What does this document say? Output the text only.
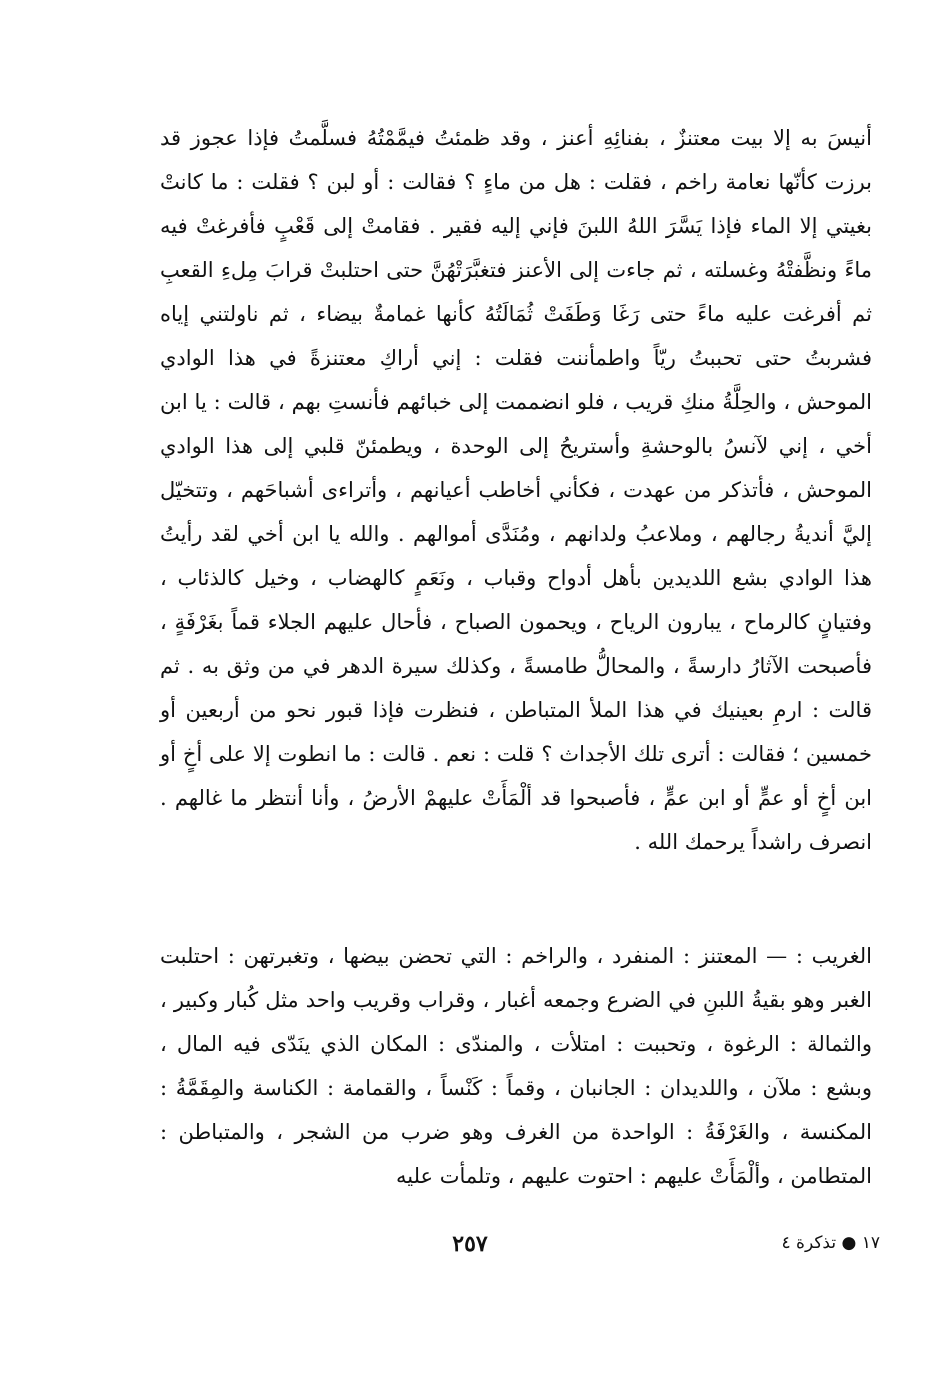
أنيسَ به إلا بيت معتنزٌ ، بفنائِهِ أعنز ، وقد ظمئتُ فيمَّمْتُهُ فسلَّمتُ فإذا عجوز قد برزت كأنّها نعامة راخم ، فقلت : هل من ماءٍ ؟ فقالت : أو لبن ؟ فقلت : ما كانتْ بغيتي إلا الماء فإذا يَسَّرَ اللهُ اللبنَ فإني إليه فقير . فقامتْ إلى قَعْبٍ فأفرغتْ فيه ماءً ونظَّفتْهُ وغسلته ، ثم جاءت إلى الأعنز فتغبَّرَتْهُنَّ حتى احتلبتْ قرابَ مِلءِ القعبِ ثم أفرغت عليه ماءً حتى رَغَا وَطَفَتْ ثُمَالَتُهُ كأنها غمامةٌ بيضاء ، ثم ناولتني إياه فشربتُ حتى تحببتُ ريّاً واطمأننت فقلت : إني أراكِ معتنزةً في هذا الوادي الموحش ، والحِلَّةُ منكِ قريب ، فلو انضممت إلى خبائهم فأنستِ بهم ، قالت : يا ابن أخي ، إني لآنسُ بالوحشةِ وأستريحُ إلى الوحدة ، ويطمئنّ قلبي إلى هذا الوادي الموحش ، فأتذكر من عهدت ، فكأني أخاطب أعيانهم ، وأتراءى أشباحَهم ، وتتخيّل إليَّ أنديةُ رجالهم ، وملاعبُ ولدانهم ، ومُنَدَّى أموالهم . والله يا ابن أخي لقد رأيتُ هذا الوادي بشع اللديدين بأهل أدواح وقباب ، ونَعَمٍ كالهضاب ، وخيل كالذئاب ، وفتيانٍ كالرماح ، يبارون الرياح ، ويحمون الصباح ، فأحال عليهم الجلاء قماً بغَرْفَةٍ ، فأصبحت الآثارُ دارسةً ، والمحالُّ طامسةً ، وكذلك سيرة الدهر في من وثق به . ثم قالت : ارمِ بعينيك في هذا الملأ المتباطن ، فنظرت فإذا قبور نحو من أربعين أو خمسين ؛ فقالت : أترى تلك الأجداث ؟ قلت : نعم . قالت : ما انطوت إلا على أخٍ أو ابن أخٍ أو عمٍّ أو ابن عمٍّ ، فأصبحوا قد ألْمَأَتْ عليهمْ الأرضُ ، وأنا أنتظر ما غالهم . انصرف راشداً يرحمك الله .
الغريب : — المعتنز : المنفرد ، والراخم : التي تحضن بيضها ، وتغبرتهن : احتلبت الغبر وهو بقيةُ اللبنِ في الضرع وجمعه أغبار ، وقراب وقريب واحد مثل كُبار وكبير ، والثمالة : الرغوة ، وتحببت : امتلأت ، والمندّى : المكان الذي ينَدّى فيه المال ، وبشع : ملآن ، واللديدان : الجانبان ، وقماً : كَنْساً ، والقمامة : الكناسة والمِقَمَّةُ : المكنسة ، والغَرْفَةُ : الواحدة من الغرف وهو ضرب من الشجر ، والمتباطن : المتطامن ، وألْمَأَتْ عليهم : احتوت عليهم ، وتلمأت عليه
١٧ ● تذكرة ٤
٢٥٧
